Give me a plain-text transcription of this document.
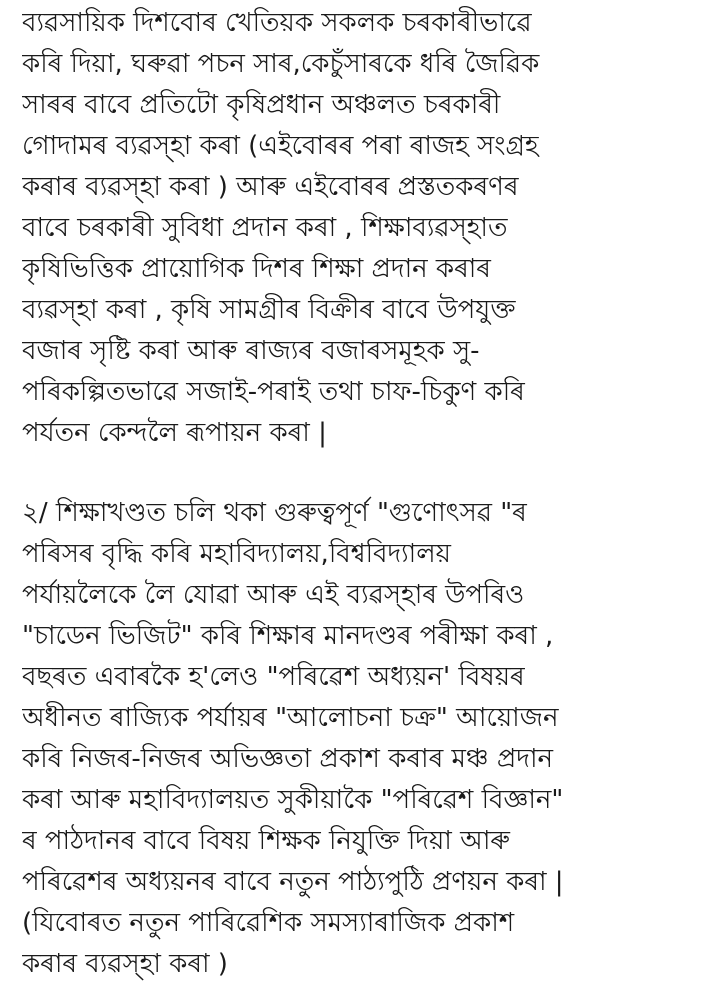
ব্যৱসায়িক দিশবোৰ খেতিয়ক সকলক চৰকাৰীভাৱে
কৰি দিয়া, ঘৰুৱা পচন সাৰ,কেচুঁসাৰকে ধৰি জৈৱিক
সাৰৰ বাবে প্ৰতিটো কৃষিপ্ৰধান অঞ্চলত চৰকাৰী
গোদামৰ ব্যৱস্হা কৰা (এইবোৰৰ পৰা ৰাজহ সংগ্ৰহ
কৰাৰ ব্যৱস্হা কৰা ) আৰু এইবোৰৰ প্ৰস্ততকৰণৰ
বাবে চৰকাৰী সুবিধা প্ৰদান কৰা , শিক্ষাব্যৱস্হাত
কৃষিভিত্তিক প্ৰায়োগিক দিশৰ শিক্ষা প্ৰদান কৰাৰ
ব্যৱস্হা কৰা , কৃষি সামগ্ৰীৰ বিক্ৰীৰ বাবে উপযুক্ত
বজাৰ সৃষ্টি কৰা আৰু ৰাজ্যৰ বজাৰসমূহক সু-
পৰিকল্পিতভাৱে সজাই-পৰাই তথা চাফ-চিকুণ কৰি
পৰ্যতন কেন্দলৈ ৰূপায়ন কৰা |
২/ শিক্ষাখণ্ডত চলি থকা গুৰুত্বপূৰ্ণ "গুণোৎসৱ "ৰ
পৰিসৰ বৃদ্ধি কৰি মহাবিদ্যালয়,বিশ্ববিদ্যালয়
পৰ্যায়লৈকে লৈ যোৱা আৰু এই ব্যৱস্হাৰ উপৰিও
"চাডেন ভিজিট" কৰি শিক্ষাৰ মানদণ্ডৰ পৰীক্ষা কৰা ,
বছৰত এবাৰকৈ হ'লেও "পৰিৱেশ অধ্যয়ন' বিষয়ৰ
অধীনত ৰাজ্যিক পৰ্যায়ৰ "আলোচনা চক্ৰ" আয়োজন
কৰি নিজৰ-নিজৰ অভিজ্ঞতা প্ৰকাশ কৰাৰ মঞ্চ প্ৰদান
কৰা আৰু মহাবিদ্যালয়ত সুকীয়াকৈ "পৰিৱেশ বিজ্ঞান"
ৰ পাঠদানৰ বাবে বিষয় শিক্ষক নিযুক্তি দিয়া আৰু
পৰিৱেশৰ অধ্যয়নৰ বাবে নতুন পাঠ্যপুঠি প্ৰণয়ন কৰা |
(যিবোৰত নতুন পাৰিৱেশিক সমস্যাৰাজিক প্ৰকাশ
কৰাৰ ব্যৱস্হা কৰা )
